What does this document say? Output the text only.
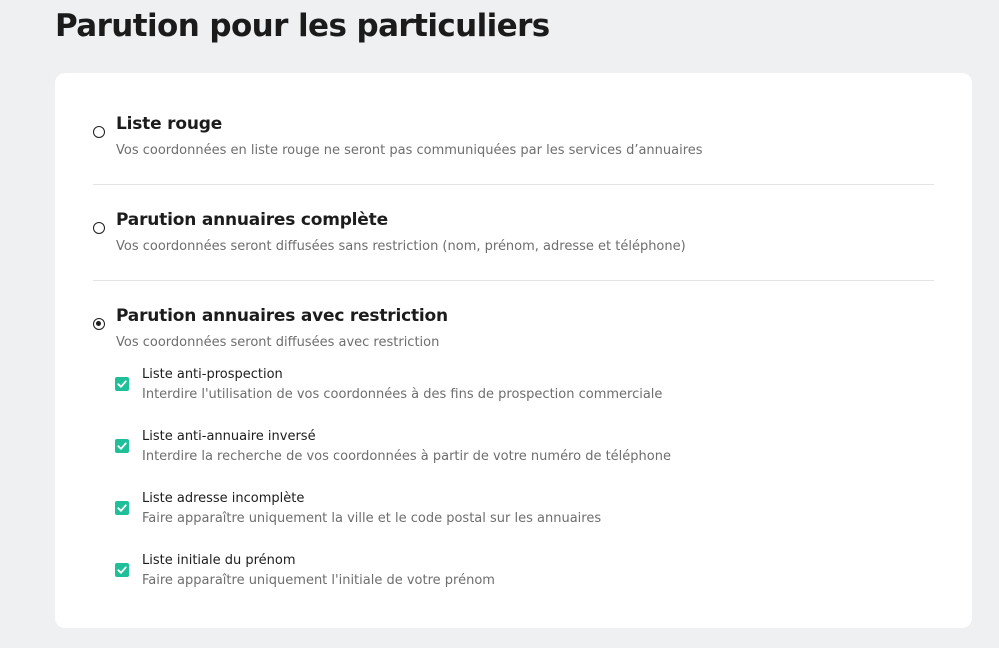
Parution pour les particuliers
Liste rouge
Vos coordonnées en liste rouge ne seront pas communiquées par les services d’annuaires
Parution annuaires complète
Vos coordonnées seront diffusées sans restriction (nom, prénom, adresse et téléphone)
Parution annuaires avec restriction
Vos coordonnées seront diffusées avec restriction
Liste anti-prospection
Interdire l'utilisation de vos coordonnées à des fins de prospection commerciale
Liste anti-annuaire inversé
Interdire la recherche de vos coordonnées à partir de votre numéro de téléphone
Liste adresse incomplète
Faire apparaître uniquement la ville et le code postal sur les annuaires
Liste initiale du prénom
Faire apparaître uniquement l'initiale de votre prénom
